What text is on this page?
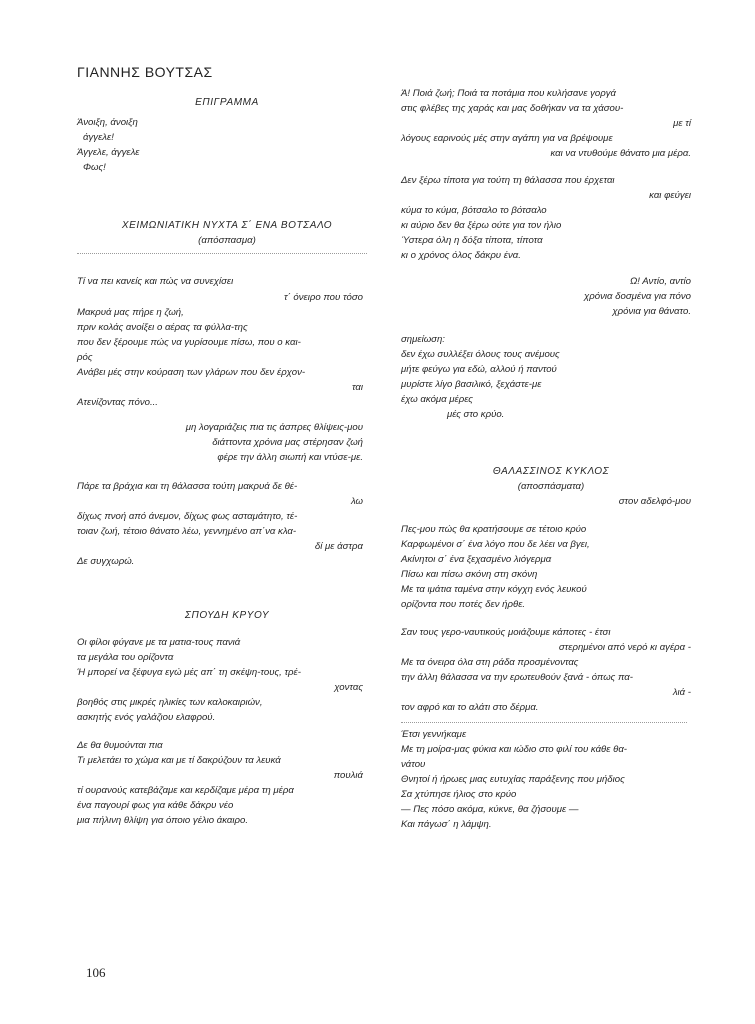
ΓΙΑΝΝΗΣ ΒΟΥΤΣΑΣ
ΕΠΙΓΡΑΜΜΑ
Άνοιξη, άνοιξη
άγγελε!
Άγγελε, άγγελε
Φως!
ΧΕΙΜΩΝΙΑΤΙΚΗ ΝΥΧΤΑ Σ΄ ΕΝΑ ΒΟΤΣΑΛΟ
(απόσπασμα)
Τί να πει κανείς και πώς να συνεχίσει
τ΄ όνειρο που τόσο
Μακρυά μας πήρε η ζωή,
πριν κολάς ανοίξει ο αέρας τα φύλλα-της
που δεν ξέρουμε πώς να γυρίσουμε πίσω, που ο και-
ρός
Ανάβει μές στην κούραση των γλάρων που δεν έρχον-
ται
Ατενίζοντας πόνο...
μη λογαριάζεις πια τις άσπρες θλίψεις-μου
διάττοντα χρόνια μας στέρησαν ζωή
φέρε την άλλη σιωπή και ντύσε-με.
Πάρε τα βράχια και τη θάλασσα τούτη μακρυά δε θέ-
λω
δίχως πνοή από άνεμον, δίχως φως ασταμάτητο, τέ-
τοιαν ζωή, τέτοιο θάνατο λέω, γεννημένο απ΄να κλα-
δί με άστρα
Δε συγχωρώ.
ΣΠΟΥΔΗ ΚΡΥΟΥ
Οι φίλοι φύγανε με τα ματια-τους πανιά
τα μεγάλα του ορίζοντα
Ή μπορεί να ξέφυγα εγώ μές απ΄ τη σκέψη-τους, τρέ-
χοντας
βοηθός στις μικρές ηλικίες των καλοκαιριών,
ασκητής ενός γαλάζιου ελαφρού.
Δε θα θυμούνται πια
Τι μελετάει το χώμα και με τί δακρύζουν τα λευκά
πουλιά
τί ουρανούς κατεβάζαμε και κερδίζαμε μέρα τη μέρα
ένα παγουρί φως για κάθε δάκρυ νέο
μια πήλινη θλίψη για όποιο γέλιο άκαιρο.
Ά! Ποιά ζωή; Ποιά τα ποτάμια που κυλήσανε γοργά
στις φλέβες της χαράς και μας δοθήκαν να τα χάσου-
με τί
λόγους εαρινούς μές στην αγάπη για να βρέψουμε
και να ντυθούμε θάνατο μια μέρα.
Δεν ξέρω τίποτα για τούτη τη θάλασσα που έρχεται
και φεύγει
κύμα το κύμα, βότσαλο το βότσαλο
κι αύριο δεν θα ξέρω ούτε για τον ήλιο
Ύστερα όλη η δόξα τίποτα, τίποτα
κι ο χρόνος όλος δάκρυ ένα.
Ω! Αντίο, αντίο
χρόνια δοσμένα για πόνο
χρόνια για θάνατο.
σημείωση:
δεν έχω συλλέξει όλους τους ανέμους
μήτε φεύγω για εδώ, αλλού ή παντού
μυρίστε λίγο βασιλικό, ξεχάστε-με
έχω ακόμα μέρες
μές στο κρύο.
ΘΑΛΑΣΣΙΝΟΣ ΚΥΚΛΟΣ
(αποσπάσματα)
στον αδελφό-μου
Πες-μου πώς θα κρατήσουμε σε τέτοιο κρύο
Καρφωμένοι σ΄ ένα λόγο που δε λέει να βγει,
Ακίνητοι σ΄ ένα ξεχασμένο λιόγερμα
Πίσω και πίσω σκόνη στη σκόνη
Με τα ιμάτια ταμένα στην κόγχη ενός λευκού
ορίζοντα που ποτές δεν ήρθε.
Σαν τους γερο-ναυτικούς μοιάζουμε κάποτες - έτσι
στερημένοι από νερό κι αγέρα -
Με τα όνειρα όλα στη ράδα προσμένοντας
την άλλη θάλασσα να την ερωτευθούν ξανά - όπως πα-
λιά -
τον αφρό και το αλάτι στο δέρμα.
Έτσι γεννήκαμε
Με τη μοίρα-μας φύκια και ιώδιο στο φιλί του κάθε θα-
νάτου
Θνητοί ή ήρωες μιας ευτυχίας παράξενης που μήδιος
Σα χτύπησε ήλιος στο κρύο
— Πες πόσο ακόμα, κύκνε, θα ζήσουμε —
Και πάγωσ΄ η λάμψη.
106
